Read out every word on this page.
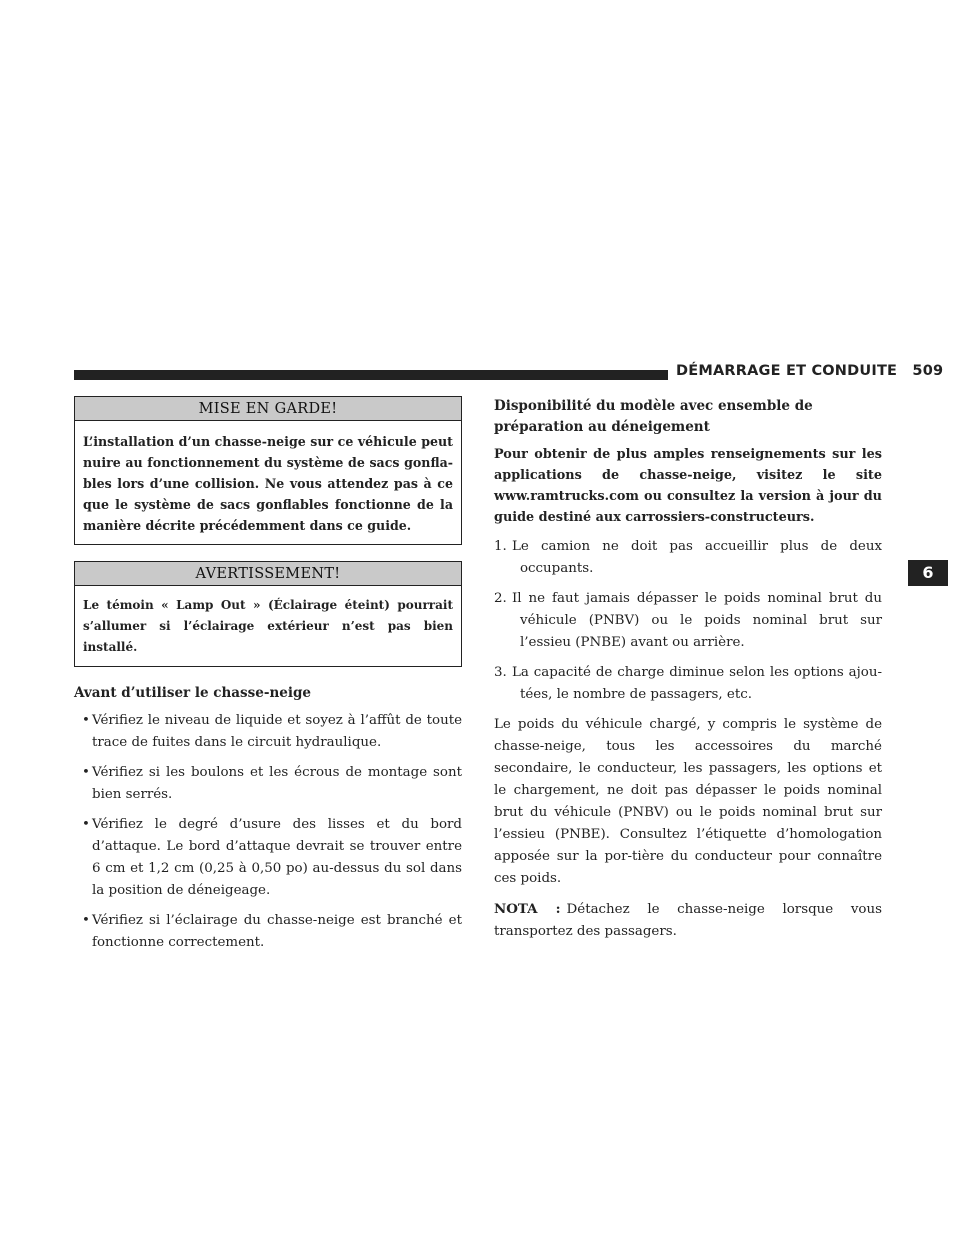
DÉMARRAGE ET CONDUITE 509
6
MISE EN GARDE!
L’installation d’un chasse-neige sur ce véhicule peut nuire au fonctionnement du système de sacs gonfla-bles lors d’une collision. Ne vous attendez pas à ce que le système de sacs gonflables fonctionne de la manière décrite précédemment dans ce guide.
AVERTISSEMENT!
Le témoin « Lamp Out » (Éclairage éteint) pourrait s’allumer si l’éclairage extérieur n’est pas bien installé.
Avant d’utiliser le chasse-neige
• Vérifiez le niveau de liquide et soyez à l’affût de toute trace de fuites dans le circuit hydraulique.
• Vérifiez si les boulons et les écrous de montage sont bien serrés.
• Vérifiez le degré d’usure des lisses et du bord d’attaque. Le bord d’attaque devrait se trouver entre 6 cm et 1,2 cm (0,25 à 0,50 po) au-dessus du sol dans la position de déneigeage.
• Vérifiez si l’éclairage du chasse-neige est branché et fonctionne correctement.
Disponibilité du modèle avec ensemble de préparation au déneigement

Pour obtenir de plus amples renseignements sur les applications de chasse-neige, visitez le site www.ramtrucks.com ou consultez la version à jour du guide destiné aux carrossiers-constructeurs.

1. Le camion ne doit pas accueillir plus de deux occupants.
2. Il ne faut jamais dépasser le poids nominal brut du véhicule (PNBV) ou le poids nominal brut sur l’essieu (PNBE) avant ou arrière.
3. La capacité de charge diminue selon les options ajou-tées, le nombre de passagers, etc.

Le poids du véhicule chargé, y compris le système de chasse-neige, tous les accessoires du marché secondaire, le conducteur, les passagers, les options et le chargement, ne doit pas dépasser le poids nominal brut du véhicule (PNBV) ou le poids nominal brut sur l’essieu (PNBE). Consultez l’étiquette d’homologation apposée sur la por-tière du conducteur pour connaître ces poids.

NOTA : Détachez le chasse-neige lorsque vous transportez des passagers.
